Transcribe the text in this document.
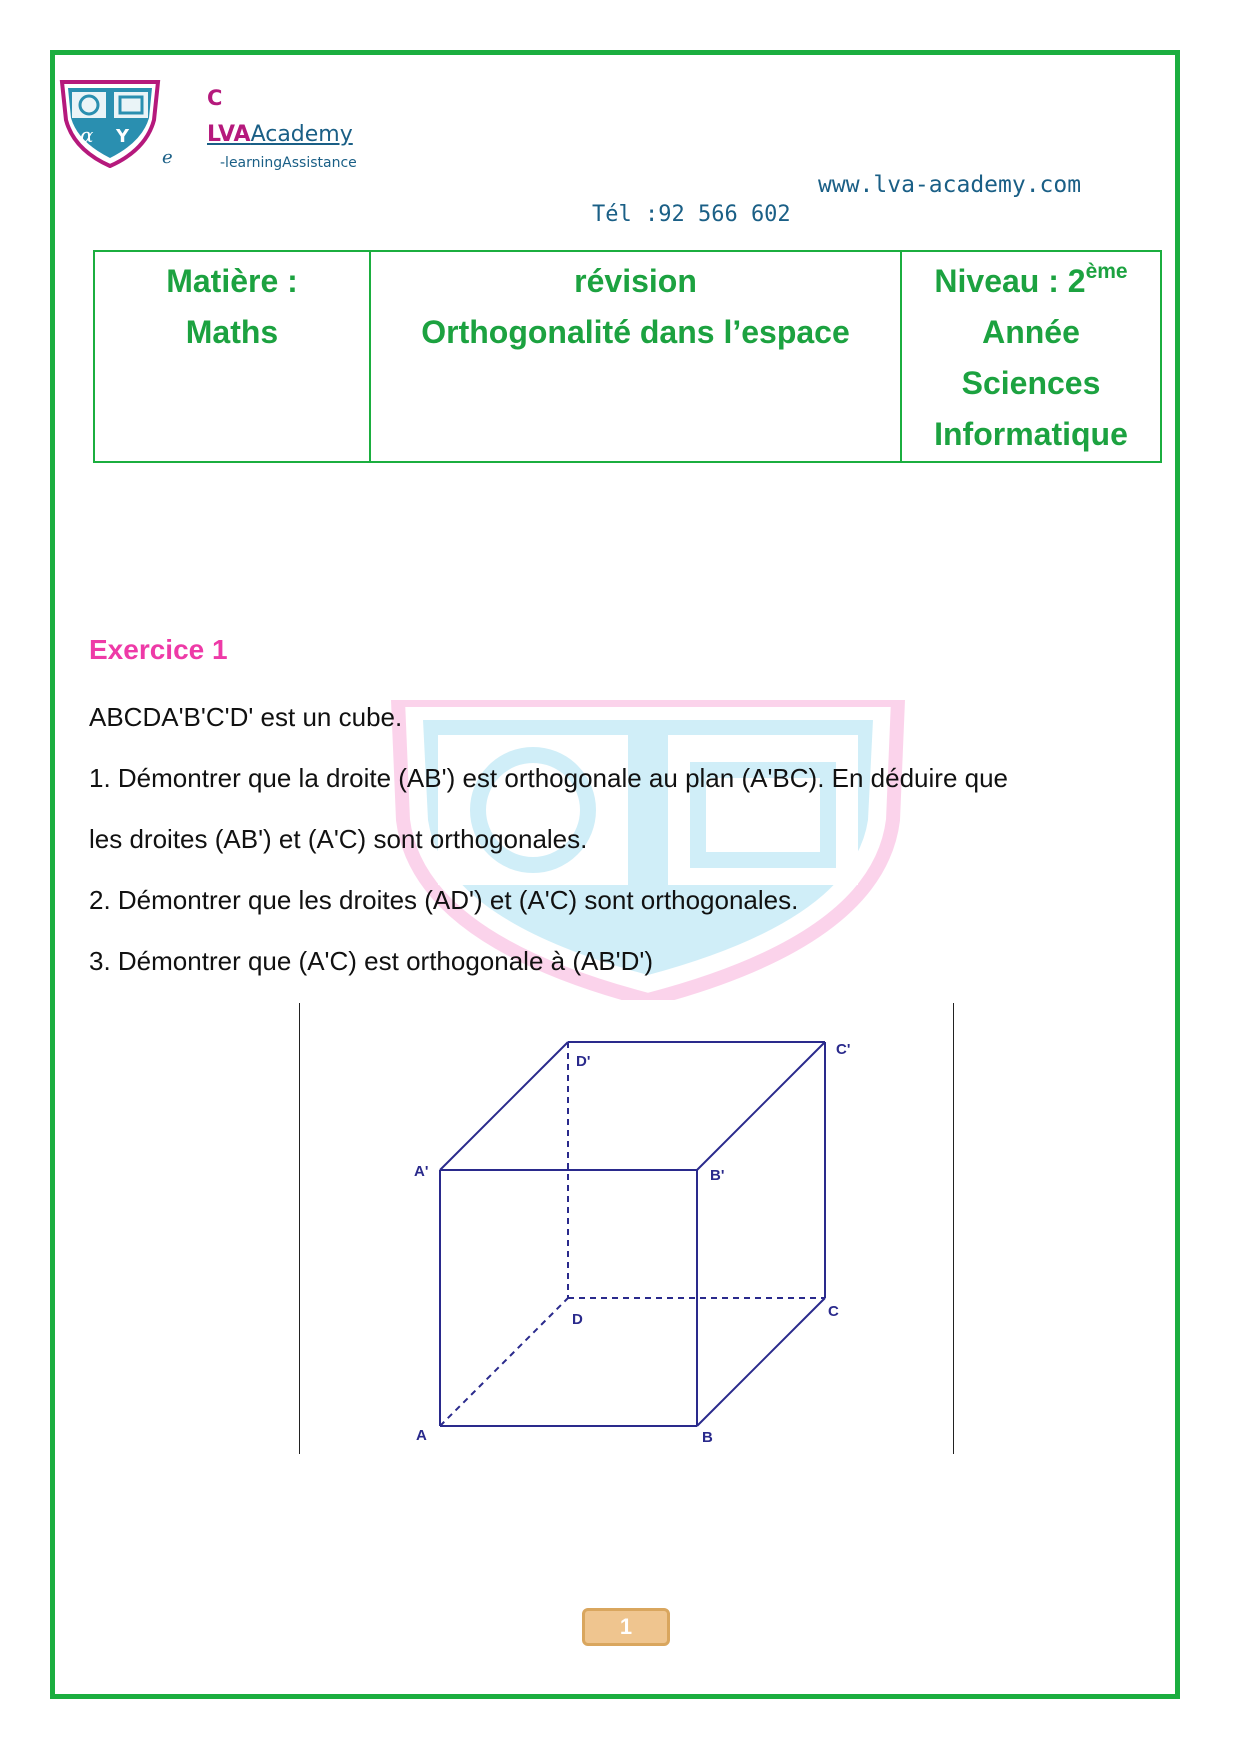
α Y
C
LVAAcademy
e	-learningAssistance
www.lva-academy.com
Tél :92 566 602
Matière :
Maths

révision
Orthogonalité dans l’espace

Niveau : 2ème
Année
Sciences
Informatique
Exercice 1
ABCDA'B'C'D' est un cube.
1. Démontrer que la droite (AB') est orthogonale au plan (A'BC). En déduire que
les droites (AB') et (A'C) sont orthogonales.
2. Démontrer que les droites (AD') et (A'C) sont orthogonales.
3. Démontrer que (A'C) est orthogonale à (AB'D')
A	B
C
D
A'	B'
C'
D'
1
